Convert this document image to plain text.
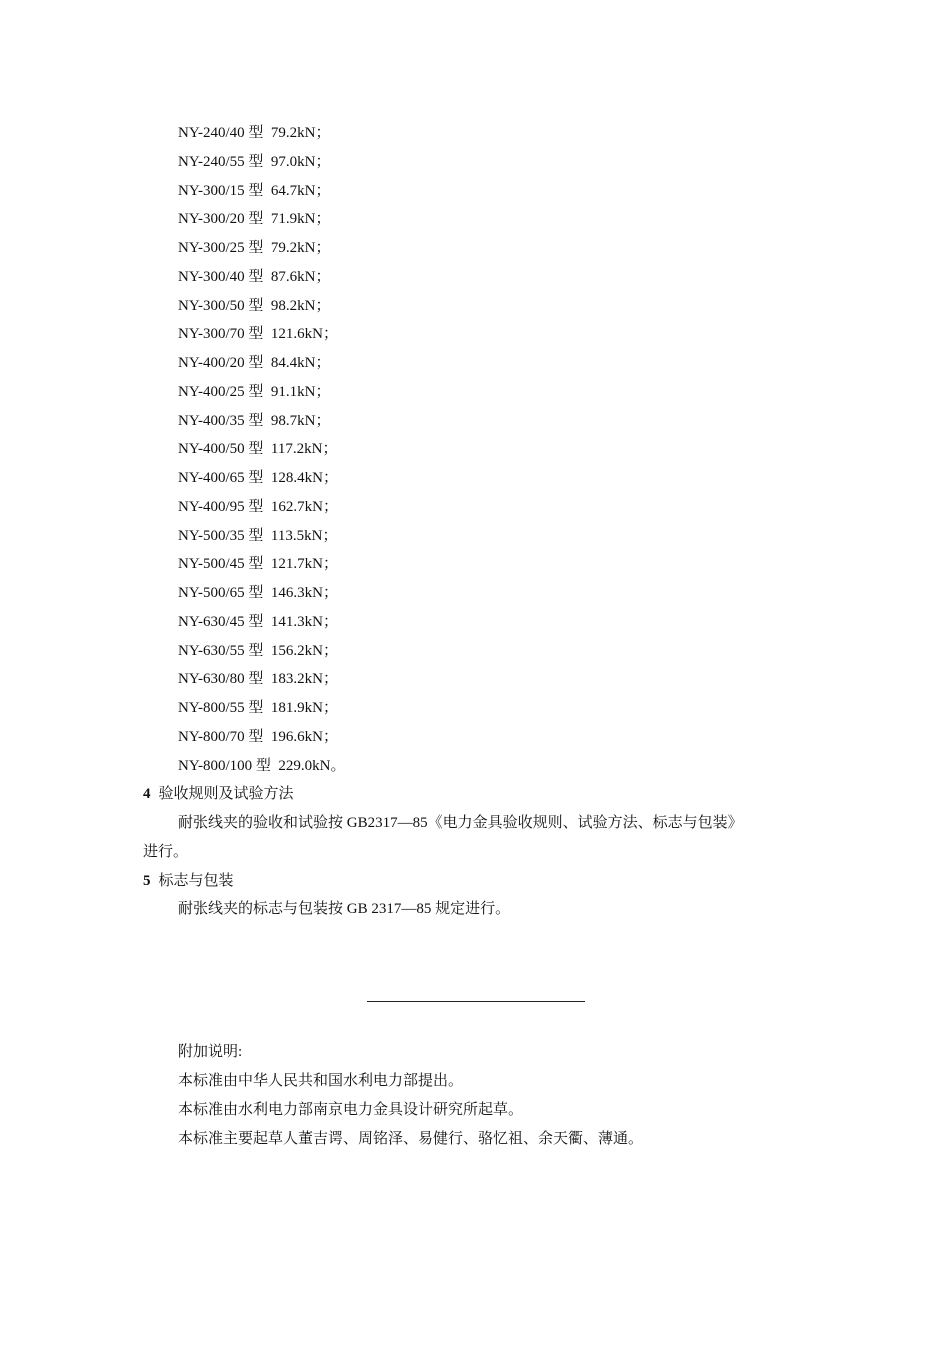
NY-240/40 型  79.2kN；
NY-240/55 型  97.0kN；
NY-300/15 型  64.7kN；
NY-300/20 型  71.9kN；
NY-300/25 型  79.2kN；
NY-300/40 型  87.6kN；
NY-300/50 型  98.2kN；
NY-300/70 型  121.6kN；
NY-400/20 型  84.4kN；
NY-400/25 型  91.1kN；
NY-400/35 型  98.7kN；
NY-400/50 型  117.2kN；
NY-400/65 型  128.4kN；
NY-400/95 型  162.7kN；
NY-500/35 型  113.5kN；
NY-500/45 型  121.7kN；
NY-500/65 型  146.3kN；
NY-630/45 型  141.3kN；
NY-630/55 型  156.2kN；
NY-630/80 型  183.2kN；
NY-800/55 型  181.9kN；
NY-800/70 型  196.6kN；
NY-800/100 型  229.0kN。
4 验收规则及试验方法
耐张线夹的验收和试验按 GB2317—85《电力金具验收规则、试验方法、标志与包装》
进行。
5 标志与包装
耐张线夹的标志与包装按 GB 2317—85 规定进行。
附加说明:
本标准由中华人民共和国水利电力部提出。
本标准由水利电力部南京电力金具设计研究所起草。
本标准主要起草人董吉谔、周铭泽、易健行、骆忆祖、余天衢、薄通。
